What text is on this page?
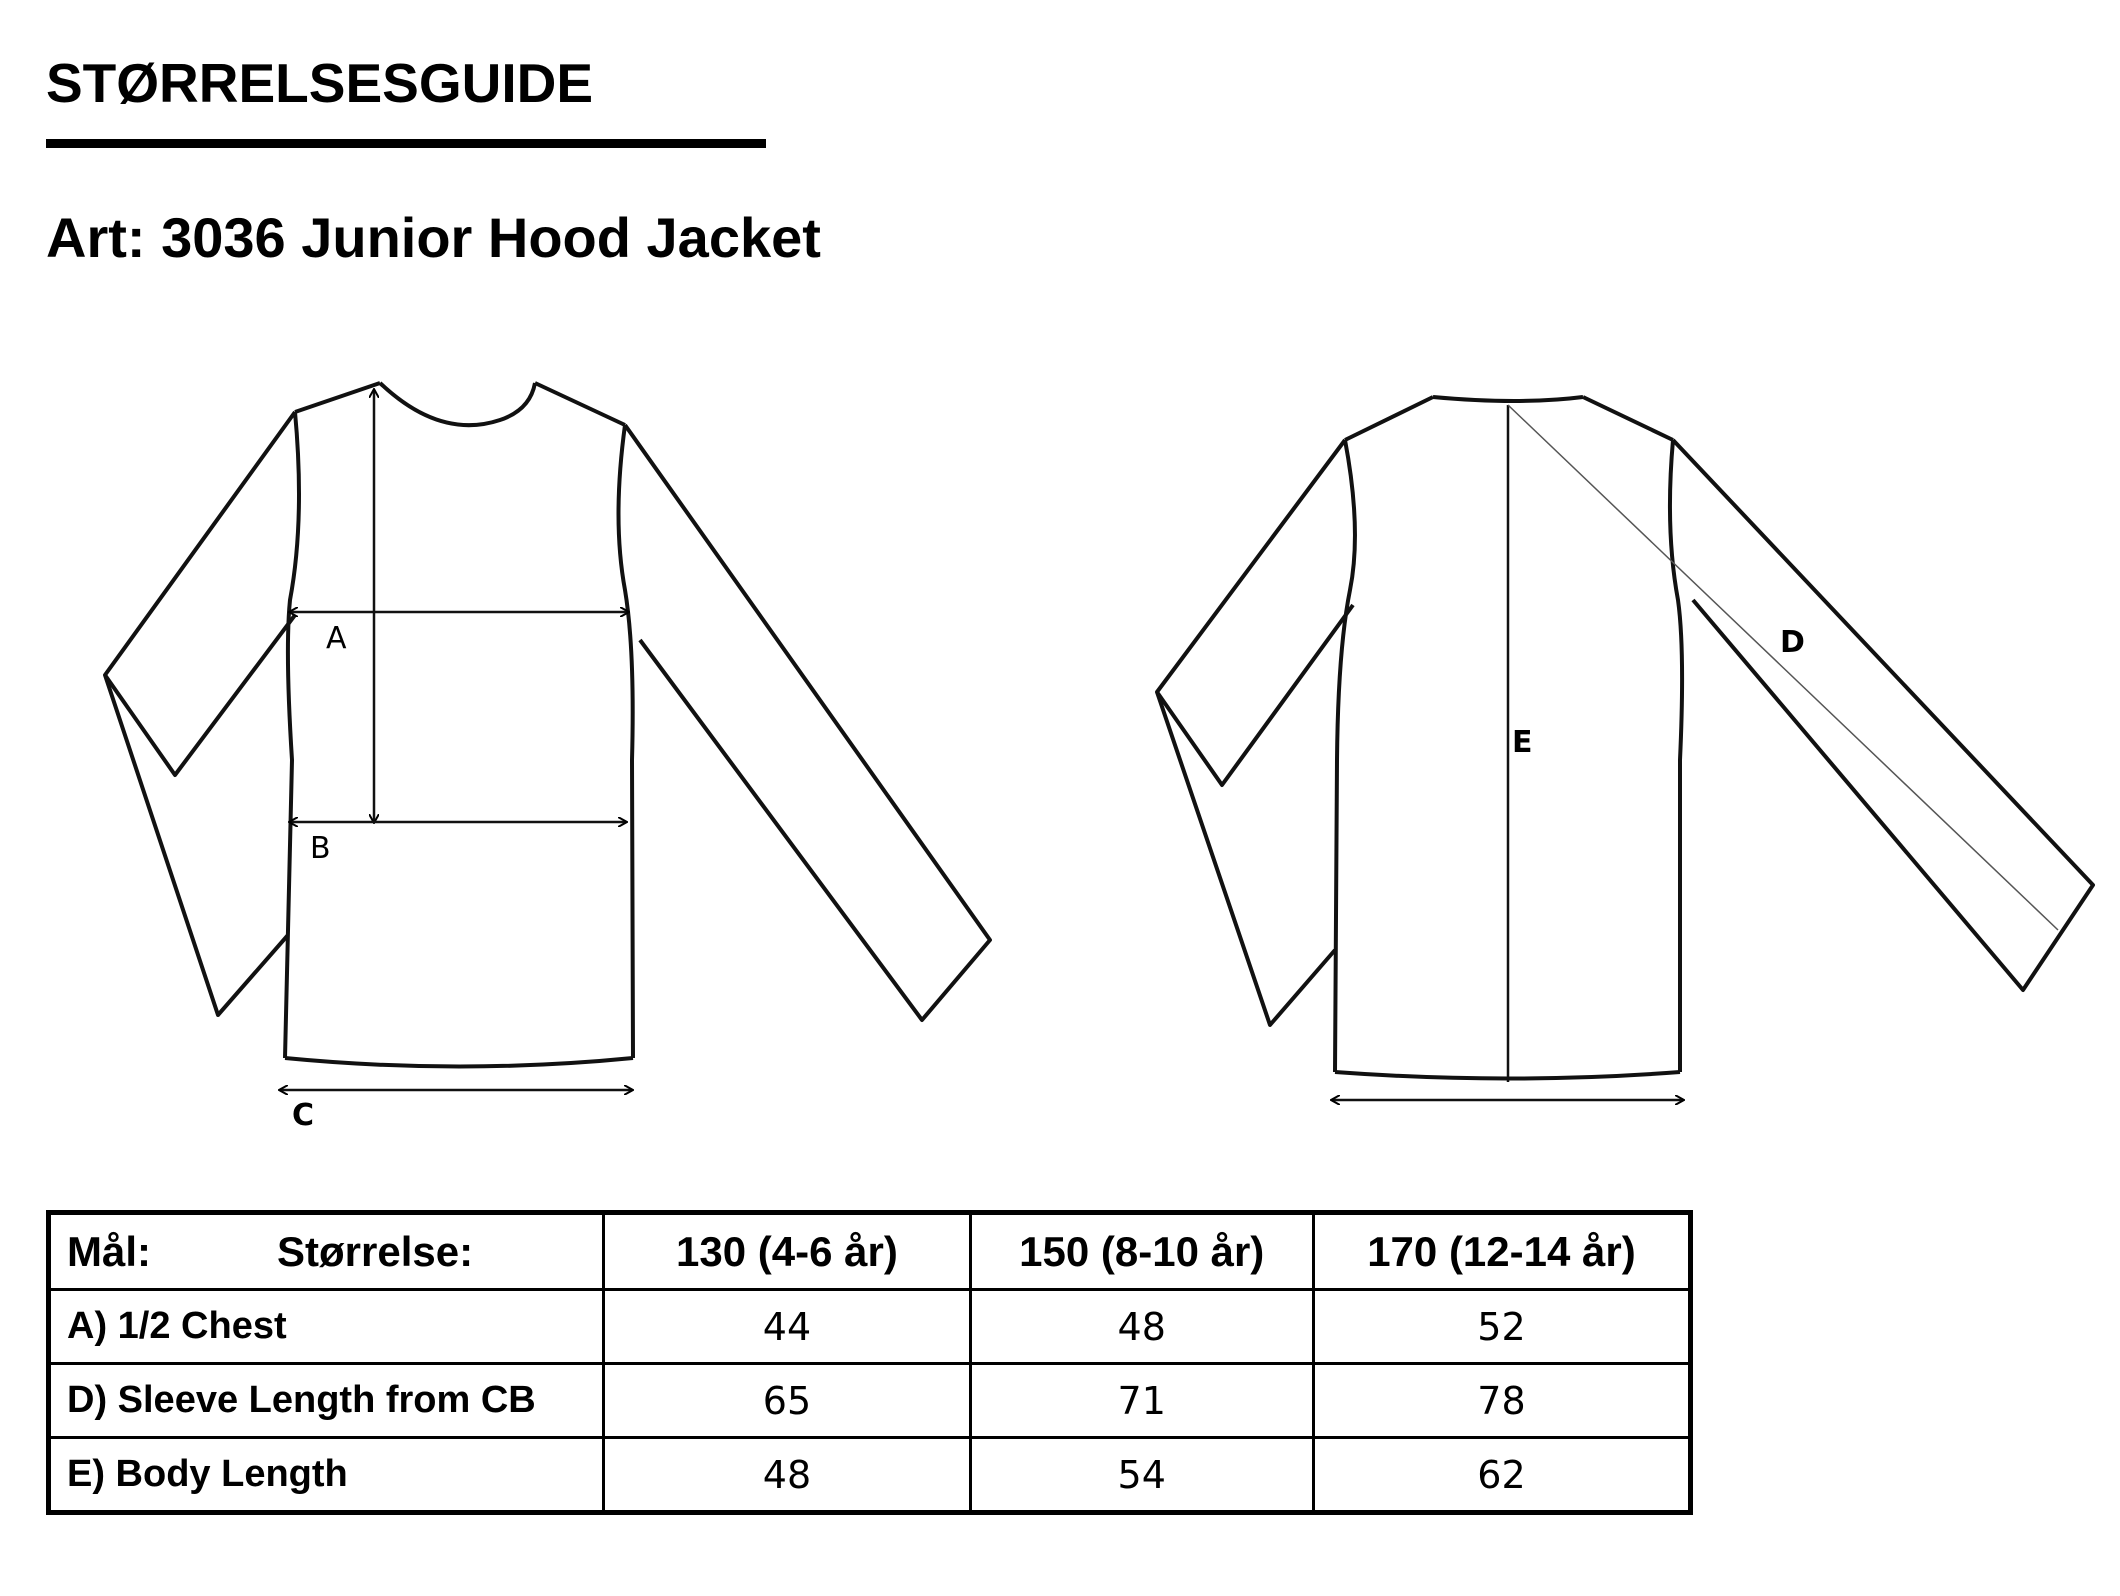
STØRRELSESGUIDE
Art: 3036 Junior Hood Jacket
A
B
C
D
E
Mål: Størrelse:	130 (4-6 år)	150 (8-10 år)	170 (12-14 år)
A) 1/2 Chest	44	48	52
D) Sleeve Length from CB	65	71	78
E) Body Length	48	54	62
